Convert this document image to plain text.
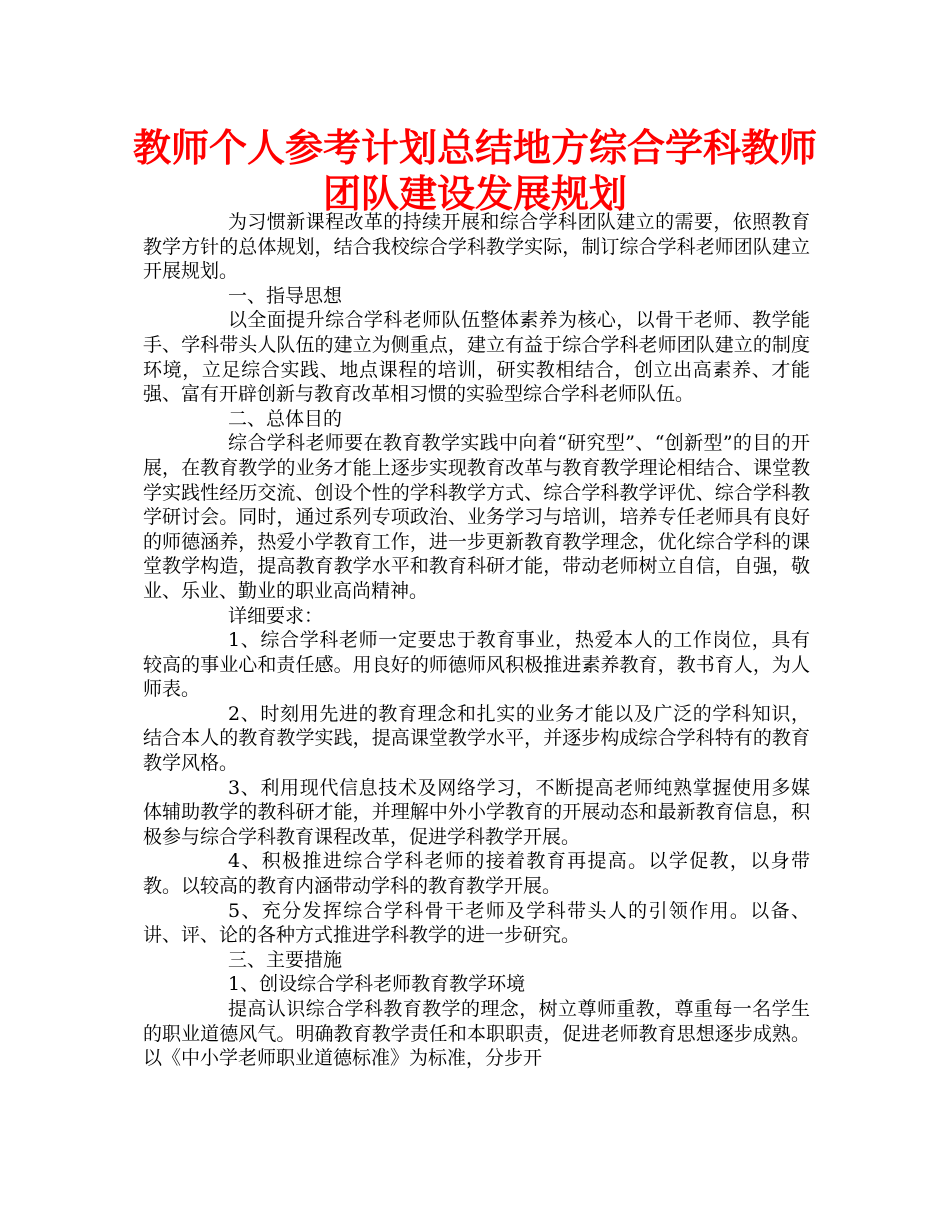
教师个人参考计划总结地方综合学科教师
团队建设发展规划

为习惯新课程改革的持续开展和综合学科团队建立的需要，依照教育教学方针的总体规划，结合我校综合学科教学实际，制订综合学科老师团队建立开展规划。

一、指导思想

以全面提升综合学科老师队伍整体素养为核心，以骨干老师、教学能手、学科带头人队伍的建立为侧重点，建立有益于综合学科老师团队建立的制度环境，立足综合实践、地点课程的培训，研实教相结合，创立出高素养、才能强、富有开辟创新与教育改革相习惯的实验型综合学科老师队伍。

二、总体目的

综合学科老师要在教育教学实践中向着“研究型”、“创新型”的目的开展，在教育教学的业务才能上逐步实现教育改革与教育教学理论相结合、课堂教学实践性经历交流、创设个性的学科教学方式、综合学科教学评优、综合学科教学研讨会。同时，通过系列专项政治、业务学习与培训，培养专任老师具有良好的师德涵养，热爱小学教育工作，进一步更新教育教学理念，优化综合学科的课堂教学构造，提高教育教学水平和教育科研才能，带动老师树立自信，自强，敬业、乐业、勤业的职业高尚精神。

详细要求：

1、综合学科老师一定要忠于教育事业，热爱本人的工作岗位，具有较高的事业心和责任感。用良好的师德师风积极推进素养教育，教书育人，为人师表。

2、时刻用先进的教育理念和扎实的业务才能以及广泛的学科知识，结合本人的教育教学实践，提高课堂教学水平，并逐步构成综合学科特有的教育教学风格。

3、利用现代信息技术及网络学习，不断提高老师纯熟掌握使用多媒体辅助教学的教科研才能，并理解中外小学教育的开展动态和最新教育信息，积极参与综合学科教育课程改革，促进学科教学开展。

4、积极推进综合学科老师的接着教育再提高。以学促教，以身带教。以较高的教育内涵带动学科的教育教学开展。

5、充分发挥综合学科骨干老师及学科带头人的引领作用。以备、讲、评、论的各种方式推进学科教学的进一步研究。

三、主要措施

1、创设综合学科老师教育教学环境

提高认识综合学科教育教学的理念，树立尊师重教，尊重每一名学生的职业道德风气。明确教育教学责任和本职职责，促进老师教育思想逐步成熟。以《中小学老师职业道德标准》为标准，分步开
